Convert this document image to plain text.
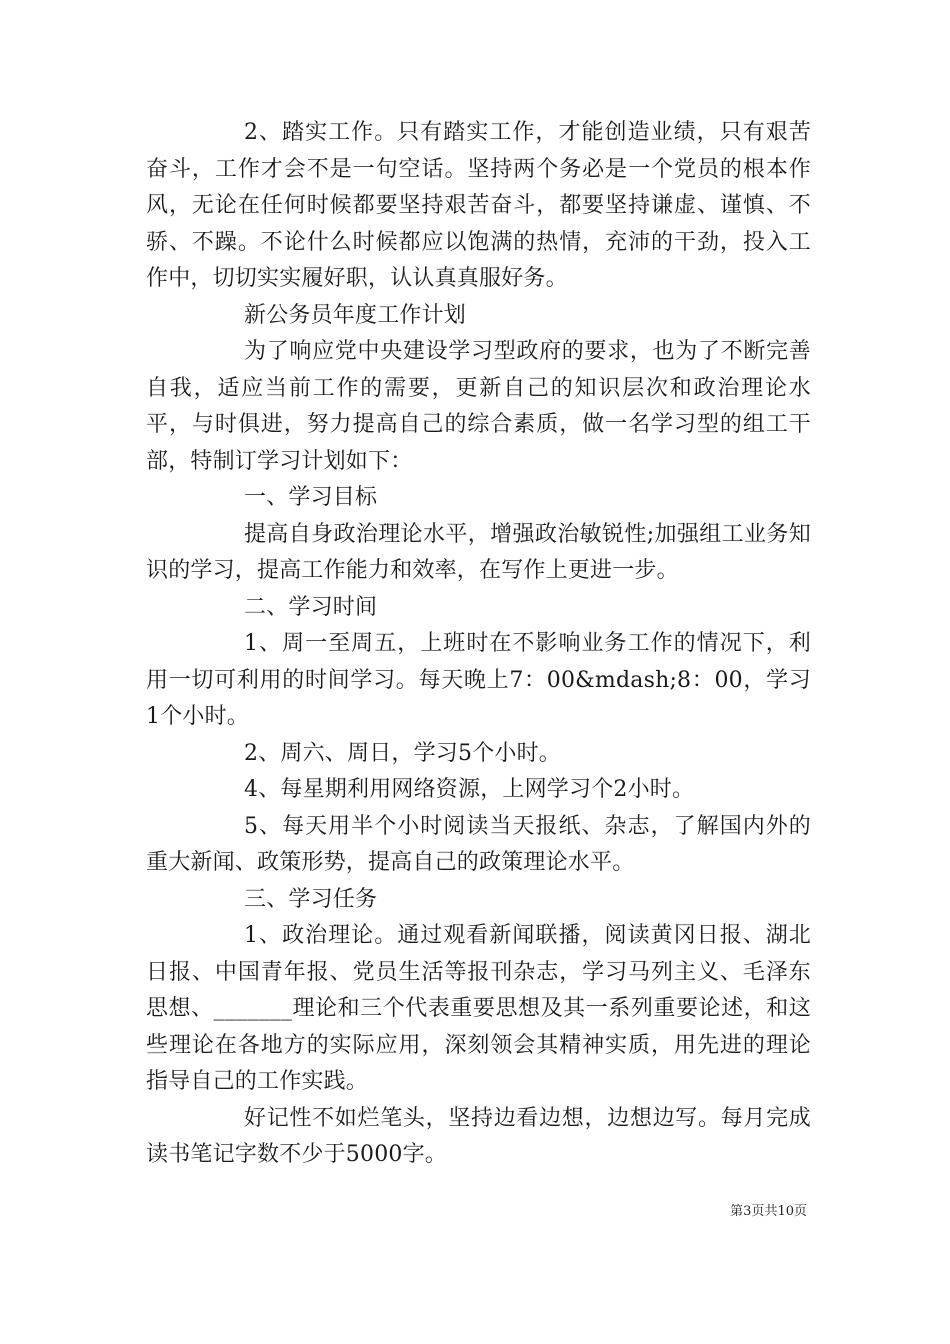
2、踏实工作。只有踏实工作，才能创造业绩，只有艰苦奋斗，工作才会不是一句空话。坚持两个务必是一个党员的根本作风，无论在任何时候都要坚持艰苦奋斗，都要坚持谦虚、谨慎、不骄、不躁。不论什么时候都应以饱满的热情，充沛的干劲，投入工作中，切切实实履好职，认认真真服好务。

新公务员年度工作计划

为了响应党中央建设学习型政府的要求，也为了不断完善自我，适应当前工作的需要，更新自己的知识层次和政治理论水平，与时俱进，努力提高自己的综合素质，做一名学习型的组工干部，特制订学习计划如下：

一、学习目标

提高自身政治理论水平，增强政治敏锐性;加强组工业务知识的学习，提高工作能力和效率，在写作上更进一步。

二、学习时间

1、周一至周五，上班时在不影响业务工作的情况下，利用一切可利用的时间学习。每天晚上7：00&mdash;8：00，学习1个小时。

2、周六、周日，学习5个小时。

4、每星期利用网络资源，上网学习个2小时。

5、每天用半个小时阅读当天报纸、杂志，了解国内外的重大新闻、政策形势，提高自己的政策理论水平。

三、学习任务

1、政治理论。通过观看新闻联播，阅读黄冈日报、湖北日报、中国青年报、党员生活等报刊杂志，学习马列主义、毛泽东思想、_______理论和三个代表重要思想及其一系列重要论述，和这些理论在各地方的实际应用，深刻领会其精神实质，用先进的理论指导自己的工作实践。

好记性不如烂笔头，坚持边看边想，边想边写。每月完成读书笔记字数不少于5000字。

第3页共10页
